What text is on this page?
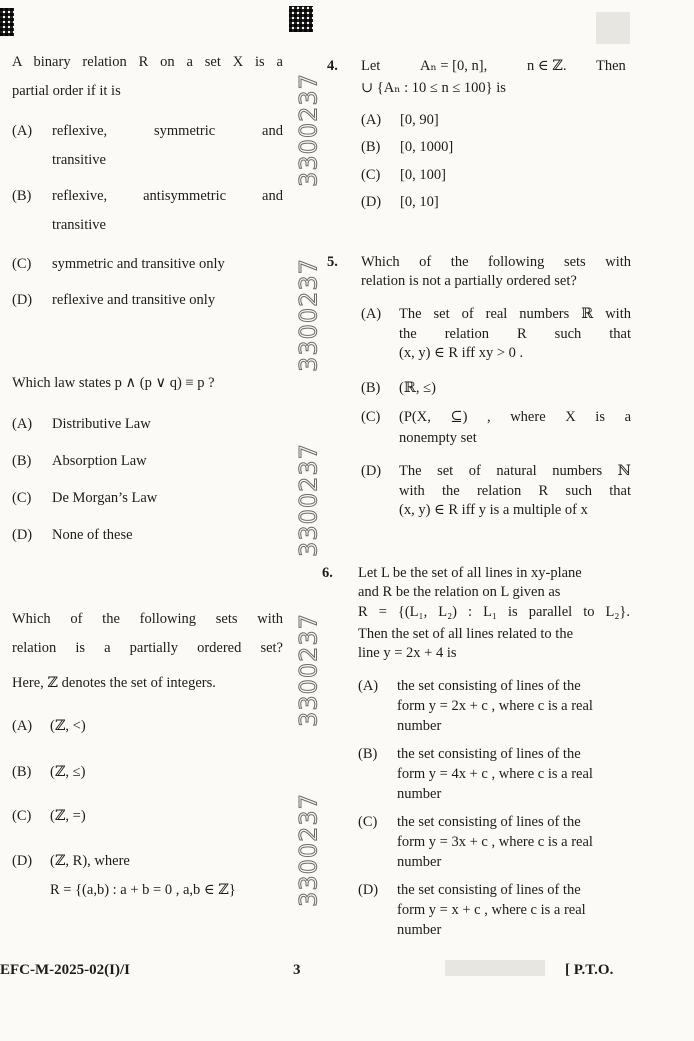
3300237
3300237
3300237
3300237
3300237
A binary relation R on a set X is a
partial order if it is
(A) reflexive, symmetric and
transitive
(B) reflexive, antisymmetric and
transitive
(C) symmetric and transitive only
(D) reflexive and transitive only
Which law states p ∧ (p ∨ q) ≡ p ?
(A) Distributive Law
(B) Absorption Law
(C) De Morgan’s Law
(D) None of these
Which of the following sets with
relation is a partially ordered set?
Here, ℤ denotes the set of integers.
(A) (ℤ, <)
(B) (ℤ, ≤)
(C) (ℤ, =)
(D) (ℤ, R), where
R = {(a,b) : a + b = 0 , a,b ∈ ℤ}
4. Let	Aₙ = [0, n],	n ∈ ℤ. Then
∪ {Aₙ : 10 ≤ n ≤ 100} is
(A) [0, 90]
(B) [0, 1000]
(C) [0, 100]
(D) [0, 10]
5. Which of the following sets with
relation is not a partially ordered set?
(A) The set of real numbers ℝ with
the relation R such that
(x, y) ∈ R iff xy > 0 .
(B) (ℝ, ≤)
(C) (P(X, ⊆) , where X is a
nonempty set
(D) The set of natural numbers ℕ
with the relation R such that
(x, y) ∈ R iff y is a multiple of x
6. Let L be the set of all lines in xy-plane
and R be the relation on L given as
R = {(L₁, L₂) : L₁ is parallel to L₂}.
Then the set of all lines related to the
line y = 2x + 4 is
(A) the set consisting of lines of the
form y = 2x + c , where c is a real
number
(B) the set consisting of lines of the
form y = 4x + c , where c is a real
number
(C) the set consisting of lines of the
form y = 3x + c , where c is a real
number
(D) the set consisting of lines of the
form y = x + c , where c is a real
number
EFC-M-2025-02(I)/I	3	[ P.T.O.
